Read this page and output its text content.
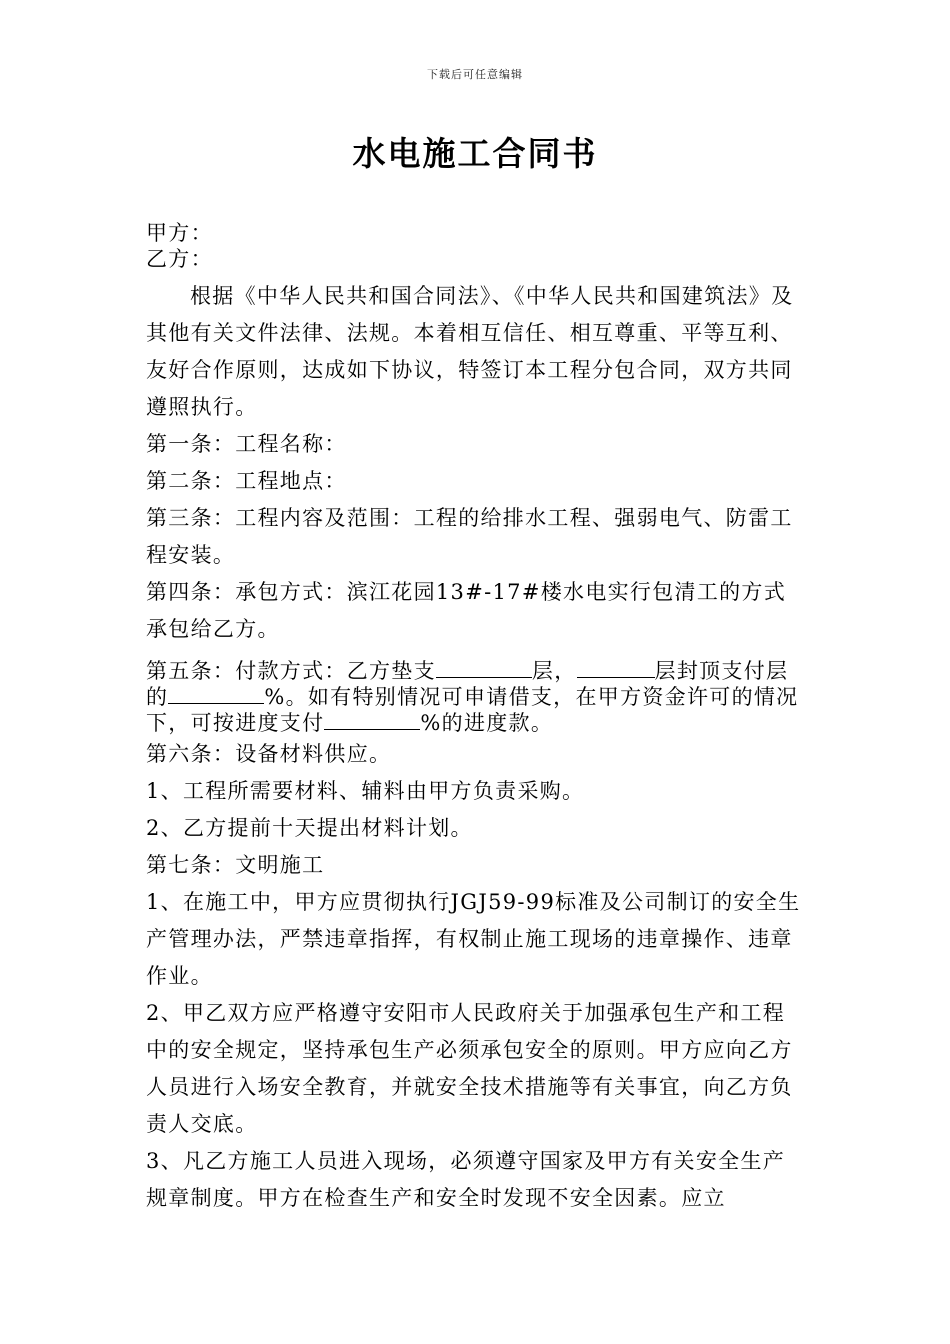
下载后可任意编辑
水电施工合同书
甲方：
乙方：

根据《中华人民共和国合同法》、《中华人民共和国建筑法》及其他有关文件法律、法规。本着相互信任、相互尊重、平等互利、友好合作原则，达成如下协议，特签订本工程分包合同，双方共同遵照执行。

第一条：工程名称：

第二条：工程地点：

第三条：工程内容及范围：工程的给排水工程、强弱电气、防雷工程安装。

第四条：承包方式：滨江花园13#-17#楼水电实行包清工的方式承包给乙方。

第五条：付款方式：乙方垫支	层，	层封顶支付层的	%。如有特别情况可申请借支，在甲方资金许可的情况下，可按进度支付	%的进度款。

第六条：设备材料供应。

1、工程所需要材料、辅料由甲方负责采购。

2、乙方提前十天提出材料计划。

第七条：文明施工

1、在施工中，甲方应贯彻执行JGJ59-99标准及公司制订的安全生产管理办法，严禁违章指挥，有权制止施工现场的违章操作、违章作业。

2、甲乙双方应严格遵守安阳市人民政府关于加强承包生产和工程中的安全规定，坚持承包生产必须承包安全的原则。甲方应向乙方人员进行入场安全教育，并就安全技术措施等有关事宜，向乙方负责人交底。

3、凡乙方施工人员进入现场，必须遵守国家及甲方有关安全生产规章制度。甲方在检查生产和安全时发现不安全因素。应立
